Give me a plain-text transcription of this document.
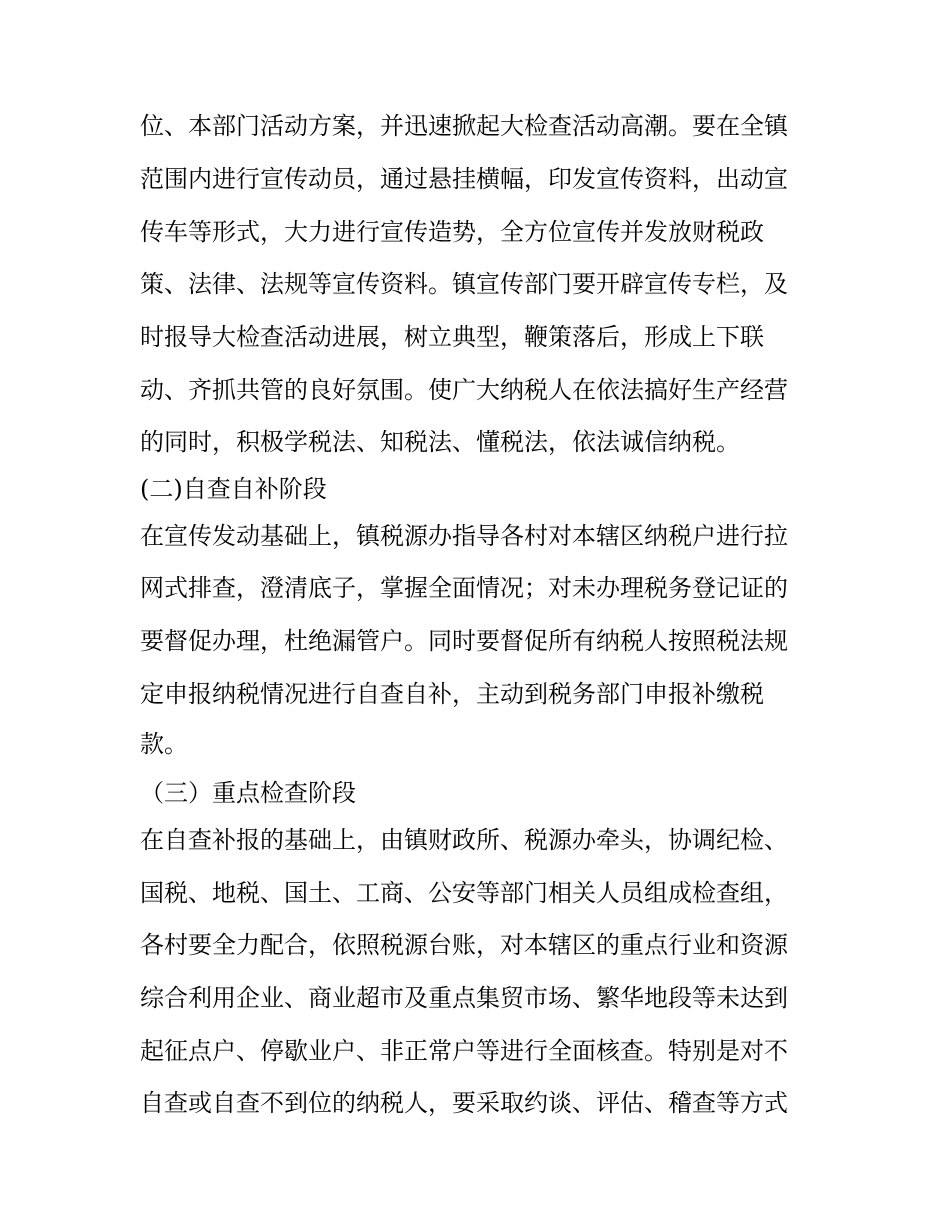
位、本部门活动方案，并迅速掀起大检查活动高潮。要在全镇
范围内进行宣传动员，通过悬挂横幅，印发宣传资料，出动宣
传车等形式，大力进行宣传造势，全方位宣传并发放财税政
策、法律、法规等宣传资料。镇宣传部门要开辟宣传专栏，及
时报导大检查活动进展，树立典型，鞭策落后，形成上下联
动、齐抓共管的良好氛围。使广大纳税人在依法搞好生产经营
的同时，积极学税法、知税法、懂税法，依法诚信纳税。
(二)自查自补阶段
在宣传发动基础上，镇税源办指导各村对本辖区纳税户进行拉
网式排查，澄清底子，掌握全面情况；对未办理税务登记证的
要督促办理，杜绝漏管户。同时要督促所有纳税人按照税法规
定申报纳税情况进行自查自补，主动到税务部门申报补缴税
款。
（三）重点检查阶段
在自查补报的基础上，由镇财政所、税源办牵头，协调纪检、
国税、地税、国土、工商、公安等部门相关人员组成检查组，
各村要全力配合，依照税源台账，对本辖区的重点行业和资源
综合利用企业、商业超市及重点集贸市场、繁华地段等未达到
起征点户、停歇业户、非正常户等进行全面核查。特别是对不
自查或自查不到位的纳税人，要采取约谈、评估、稽查等方式
